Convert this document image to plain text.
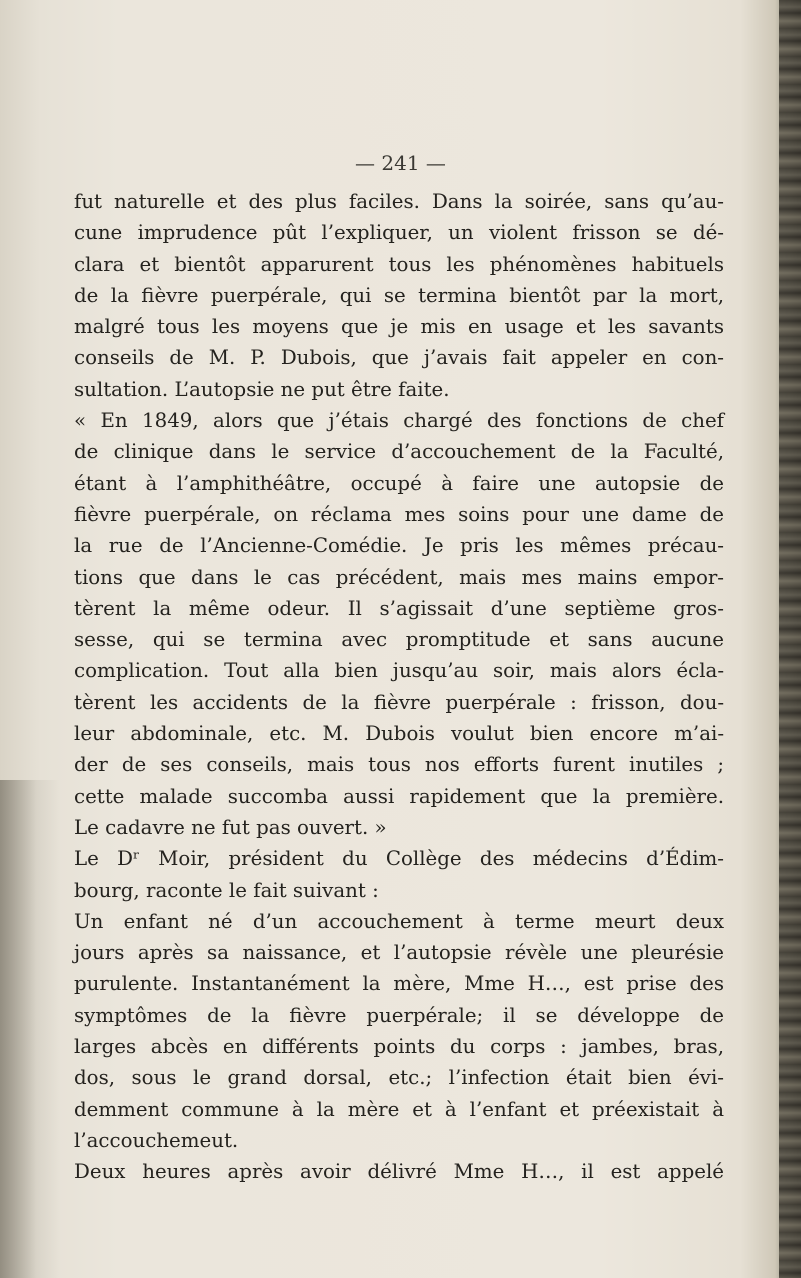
— 241 —
fut naturelle et des plus faciles. Dans la soirée, sans qu’au-
cune imprudence pût l’expliquer, un violent frisson se dé-
clara et bientôt apparurent tous les phénomènes habituels
de la fièvre puerpérale, qui se termina bientôt par la mort,
malgré tous les moyens que je mis en usage et les savants
conseils de M. P. Dubois, que j’avais fait appeler en con-
sultation. L’autopsie ne put être faite.
« En 1849, alors que j’étais chargé des fonctions de chef
de clinique dans le service d’accouchement de la Faculté,
étant à l’amphithéâtre, occupé à faire une autopsie de
fièvre puerpérale, on réclama mes soins pour une dame de
la rue de l’Ancienne-Comédie. Je pris les mêmes précau-
tions que dans le cas précédent, mais mes mains empor-
tèrent la même odeur. Il s’agissait d’une septième gros-
sesse, qui se termina avec promptitude et sans aucune
complication. Tout alla bien jusqu’au soir, mais alors écla-
tèrent les accidents de la fièvre puerpérale : frisson, dou-
leur abdominale, etc. M. Dubois voulut bien encore m’ai-
der de ses conseils, mais tous nos efforts furent inutiles ;
cette malade succomba aussi rapidement que la première.
Le cadavre ne fut pas ouvert. »
Le Dʳ Moir, président du Collège des médecins d’Édim-
bourg, raconte le fait suivant :
Un enfant né d’un accouchement à terme meurt deux
jours après sa naissance, et l’autopsie révèle une pleurésie
purulente. Instantanément la mère, Mme H…, est prise des
symptômes de la fièvre puerpérale; il se développe de
larges abcès en différents points du corps : jambes, bras,
dos, sous le grand dorsal, etc.; l’infection était bien évi-
demment commune à la mère et à l’enfant et préexistait à
l’accouchemeut.
Deux heures après avoir délivré Mme H…, il est appelé
